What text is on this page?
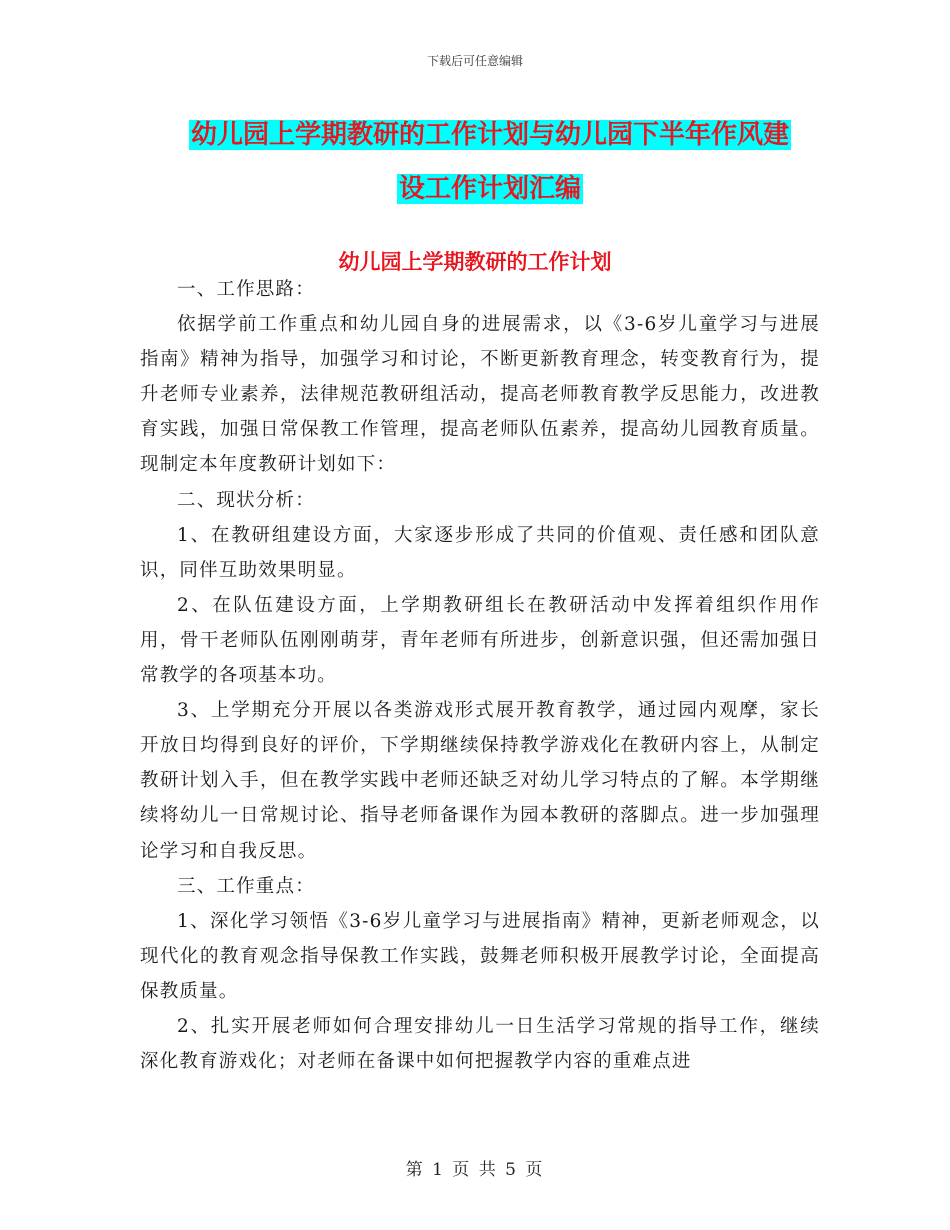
下载后可任意编辑
幼儿园上学期教研的工作计划与幼儿园下半年作风建
设工作计划汇编
幼儿园上学期教研的工作计划

一、工作思路：

依据学前工作重点和幼儿园自身的进展需求，以《3-6岁儿童学习与进展指南》精神为指导，加强学习和讨论，不断更新教育理念，转变教育行为，提升老师专业素养，法律规范教研组活动，提高老师教育教学反思能力，改进教育实践，加强日常保教工作管理，提高老师队伍素养，提高幼儿园教育质量。现制定本年度教研计划如下：

二、现状分析：

1、在教研组建设方面，大家逐步形成了共同的价值观、责任感和团队意识，同伴互助效果明显。

2、在队伍建设方面，上学期教研组长在教研活动中发挥着组织作用作用，骨干老师队伍刚刚萌芽，青年老师有所进步，创新意识强，但还需加强日常教学的各项基本功。

3、上学期充分开展以各类游戏形式展开教育教学，通过园内观摩，家长开放日均得到良好的评价，下学期继续保持教学游戏化在教研内容上，从制定教研计划入手，但在教学实践中老师还缺乏对幼儿学习特点的了解。本学期继续将幼儿一日常规讨论、指导老师备课作为园本教研的落脚点。进一步加强理论学习和自我反思。

三、工作重点：

1、深化学习领悟《3-6岁儿童学习与进展指南》精神，更新老师观念，以现代化的教育观念指导保教工作实践，鼓舞老师积极开展教学讨论，全面提高保教质量。

2、扎实开展老师如何合理安排幼儿一日生活学习常规的指导工作，继续深化教育游戏化；对老师在备课中如何把握教学内容的重难点进

第 1 页 共 5 页
